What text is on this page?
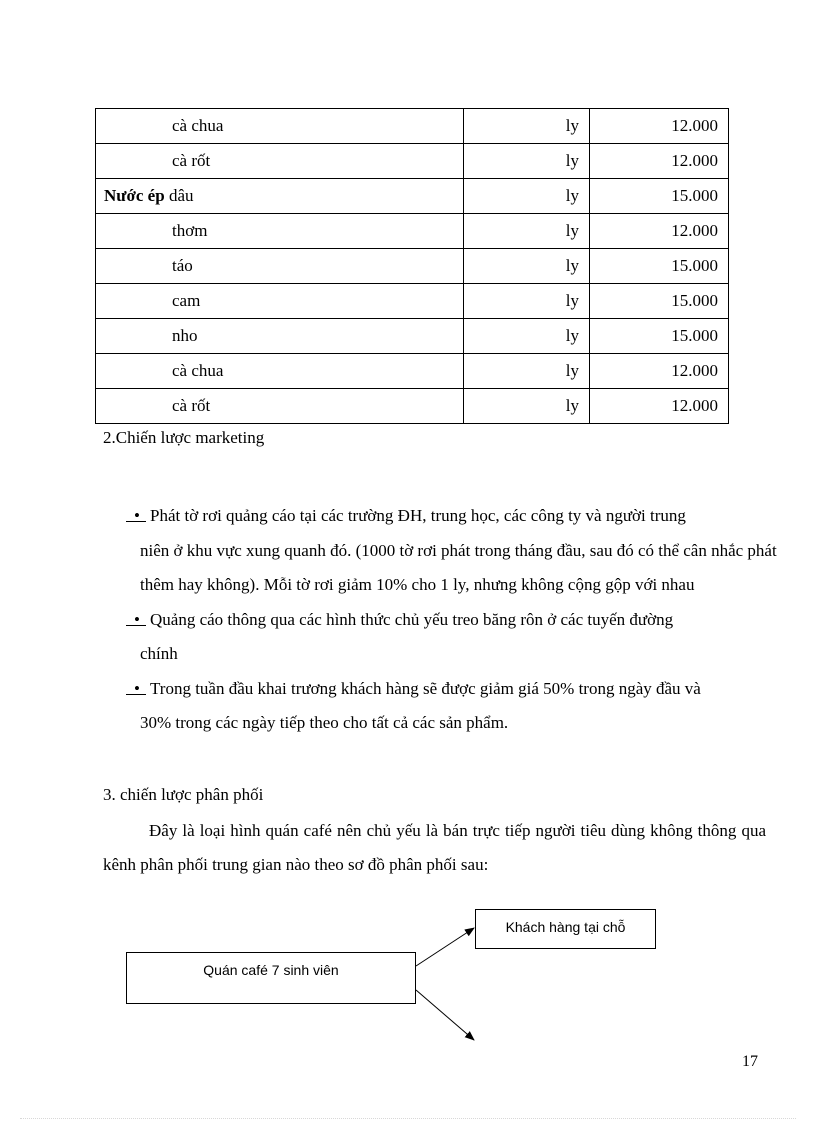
cà chua	ly	12.000
cà rốt	ly	12.000
Nước ép dâu	ly	15.000
thơm	ly	12.000
táo	ly	15.000
cam	ly	15.000
nho	ly	15.000
cà chua	ly	12.000
cà rốt	ly	12.000
2.Chiến lược marketing
• Phát tờ rơi quảng cáo tại các trường ĐH, trung học, các công ty và người trung
niên ở khu vực xung quanh đó. (1000 tờ rơi phát trong tháng đầu, sau đó có thể cân nhắc phát thêm hay không). Mỗi tờ rơi giảm 10% cho 1 ly, nhưng không cộng gộp với nhau
• Quảng cáo thông qua các hình thức chủ yếu treo băng rôn ở các tuyến đường
chính
• Trong tuần đầu khai trương khách hàng sẽ được giảm giá 50% trong ngày đầu và
30% trong các ngày tiếp theo cho tất cả các sản phẩm.
3. chiến lược phân phối

Đây là loại hình quán café nên chủ yếu là bán trực tiếp người tiêu dùng không thông qua kênh phân phối trung gian nào theo sơ đồ phân phối sau:

Quán café 7 sinh viên
Khách hàng tại chỗ
17
